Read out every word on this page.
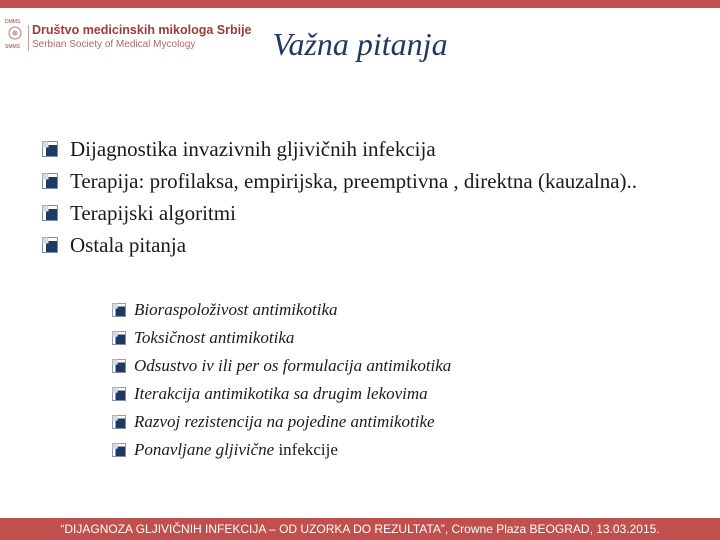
DMMS
SMMS
Društvo medicinskih mikologa Srbije
Serbian Society of Medical Mycology	Važna pitanja
Dijagnostika invazivnih gljivičnih infekcija
Terapija: profilaksa, empirijska, preemptivna , direktna (kauzalna)..
Terapijski algoritmi
Ostala pitanja
Bioraspoloživost antimikotika
Toksičnost antimikotika
Odsustvo iv ili per os formulacija antimikotika
Iterakcija antimikotika sa drugim lekovima
Razvoj rezistencija na pojedine antimikotike
Ponavljane gljivične infekcije
“DIJAGNOZA GLJIVIČNIH INFEKCIJA – OD UZORKA DO REZULTATA”, Crowne Plaza BEOGRAD, 13.03.2015.
